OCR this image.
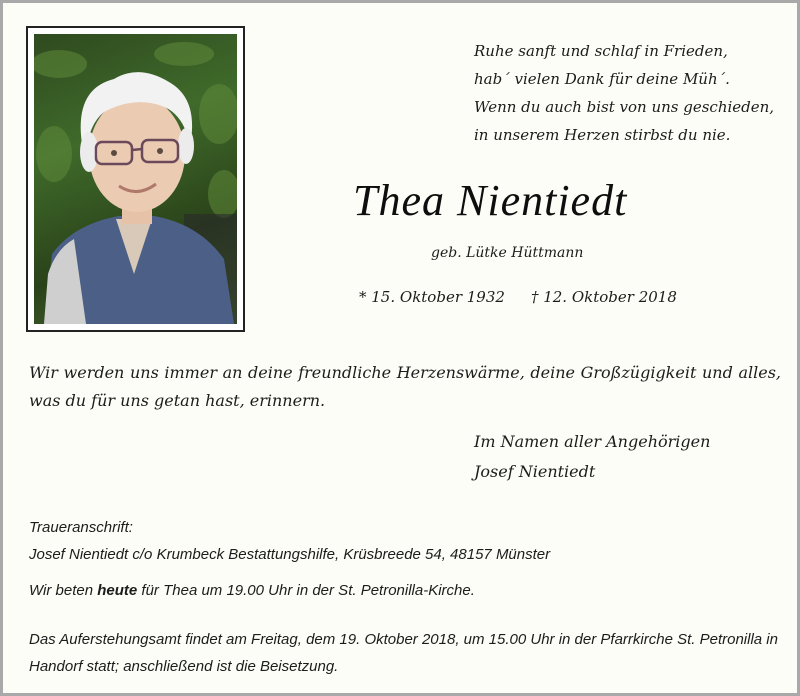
Ruhe sanft und schlaf in Frieden,
hab´ vielen Dank für deine Müh´.
Wenn du auch bist von uns geschieden,
in unserem Herzen stirbst du nie.
Thea Nientiedt
geb. Lütke Hüttmann
* 15. Oktober 1932 † 12. Oktober 2018
Wir werden uns immer an deine freundliche Herzenswärme, deine Großzügigkeit und alles, was du für uns getan hast, erinnern.
Im Namen aller Angehörigen
Josef Nientiedt
Traueranschrift:
Josef Nientiedt c/o Krumbeck Bestattungshilfe, Krüsbreede 54, 48157 Münster
Wir beten heute für Thea um 19.00 Uhr in der St. Petronilla-Kirche.
Das Auferstehungsamt findet am Freitag, dem 19. Oktober 2018, um 15.00 Uhr in der Pfarrkirche St. Petronilla in Handorf statt; anschließend ist die Beisetzung.
